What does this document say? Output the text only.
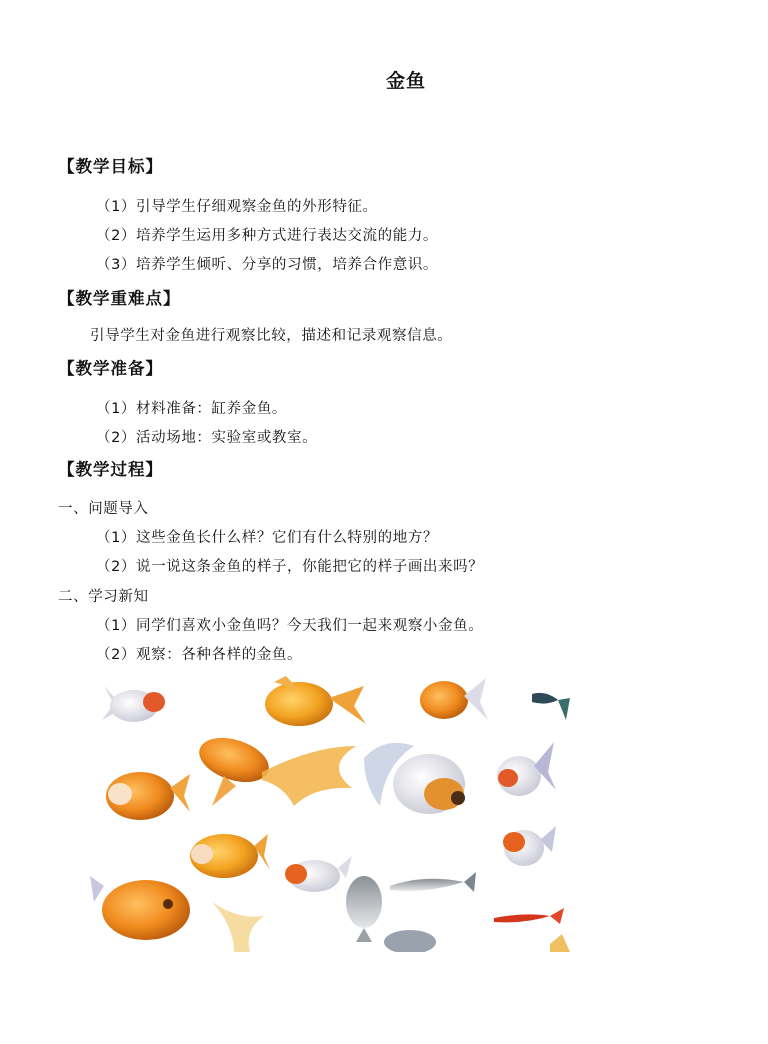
金鱼
【教学目标】
（1）引导学生仔细观察金鱼的外形特征。
（2）培养学生运用多种方式进行表达交流的能力。
（3）培养学生倾听、分享的习惯，培养合作意识。
【教学重难点】
引导学生对金鱼进行观察比较，描述和记录观察信息。
【教学准备】
（1）材料准备：缸养金鱼。
（2）活动场地：实验室或教室。
【教学过程】
一、问题导入
（1）这些金鱼长什么样？它们有什么特别的地方？
（2）说一说这条金鱼的样子，你能把它的样子画出来吗？
二、学习新知
（1）同学们喜欢小金鱼吗？今天我们一起来观察小金鱼。
（2）观察：各种各样的金鱼。
